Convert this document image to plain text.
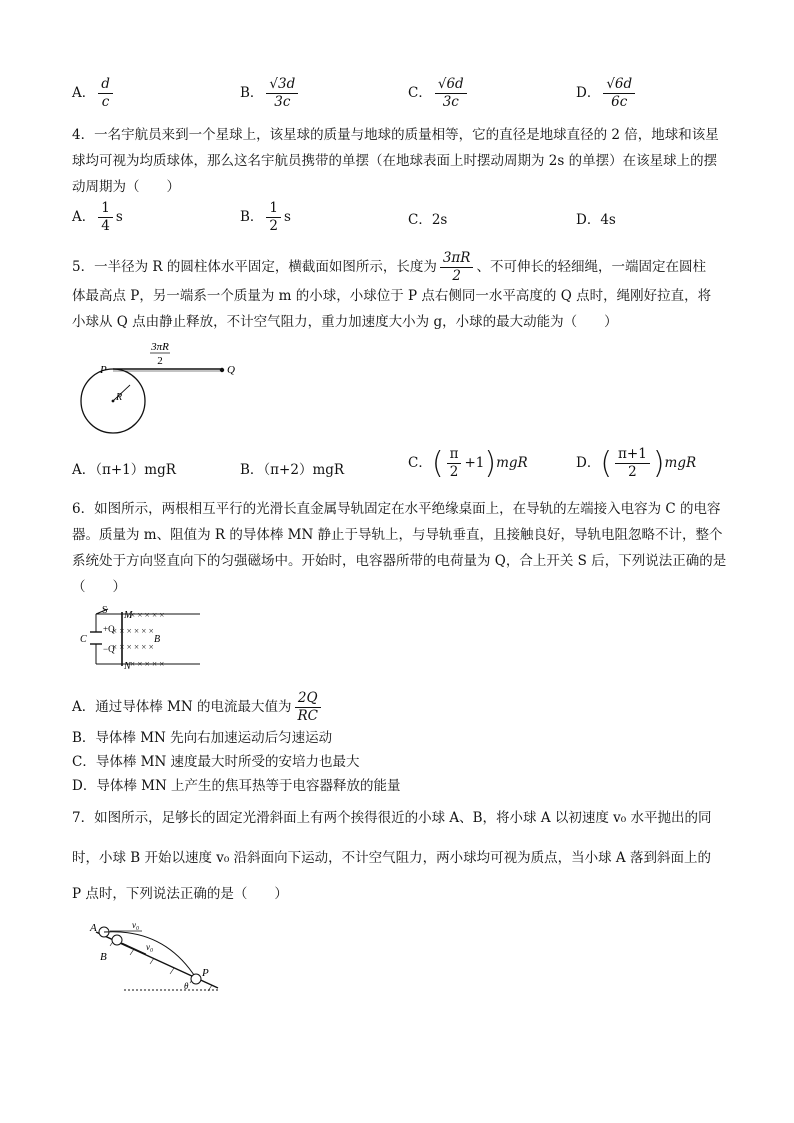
A． $\frac{d}{c}$	B． $\frac{√3d}{3c}$	C． $\frac{√6d}{3c}$	D． $\frac{√6d}{6c}$
4．一名宇航员来到一个星球上，该星球的质量与地球的质量相等，它的直径是地球直径的 2 倍，地球和该星球均可视为均质球体，那么这名宇航员携带的单摆（在地球表面上时摆动周期为 2s 的单摆）在该星球上的摆动周期为（　　）
A． $\frac{1}{4}$ s	B． $\frac{1}{2}$ s	C．2s	D．4s
5．一半径为 R 的圆柱体水平固定，横截面如图所示，长度为 $\frac{3\pi R}{2}$ 、不可伸长的轻细绳，一端固定在圆柱
体最高点 P，另一端系一个质量为 m 的小球，小球位于 P 点右侧同一水平高度的 Q 点时，绳刚好拉直，将
小球从 Q 点由静止释放，不计空气阻力，重力加速度大小为 g，小球的最大动能为（　　）
3πR
2
P	Q
R
A．（π+1）mgR	B．（π+2）mgR	C．( $\frac{\pi}{2} +1)mgR$	D．( $\frac{\pi+1}{2} )mgR$
6．如图所示，两根相互平行的光滑长直金属导轨固定在水平绝缘桌面上，在导轨的左端接入电容为 C 的电容器。质量为 m、阻值为 R 的导体棒 MN 静止于导轨上，与导轨垂直，且接触良好，导轨电阻忽略不计，整个系统处于方向竖直向下的匀强磁场中。开始时，电容器所带的电荷量为 Q，合上开关 S 后，下列说法正确的是（　　）
S M
N
C	B
+Q
−Q
× × × × ×
× × × × × ×
× × × × × ×
× × × × ×
A．通过导体棒 MN 的电流最大值为 $\frac{2Q}{RC}$
B．导体棒 MN 先向右加速运动后匀速运动
C．导体棒 MN 速度最大时所受的安培力也最大
D．导体棒 MN 上产生的焦耳热等于电容器释放的能量
7．如图所示，足够长的固定光滑斜面上有两个挨得很近的小球 A、B，将小球 A 以初速度 v₀ 水平抛出的同
时，小球 B 开始以速度 v₀ 沿斜面向下运动，不计空气阻力，两小球均可视为质点，当小球 A 落到斜面上的
P 点时，下列说法正确的是（　　）
A
B
P
v₀
v₀
θ
